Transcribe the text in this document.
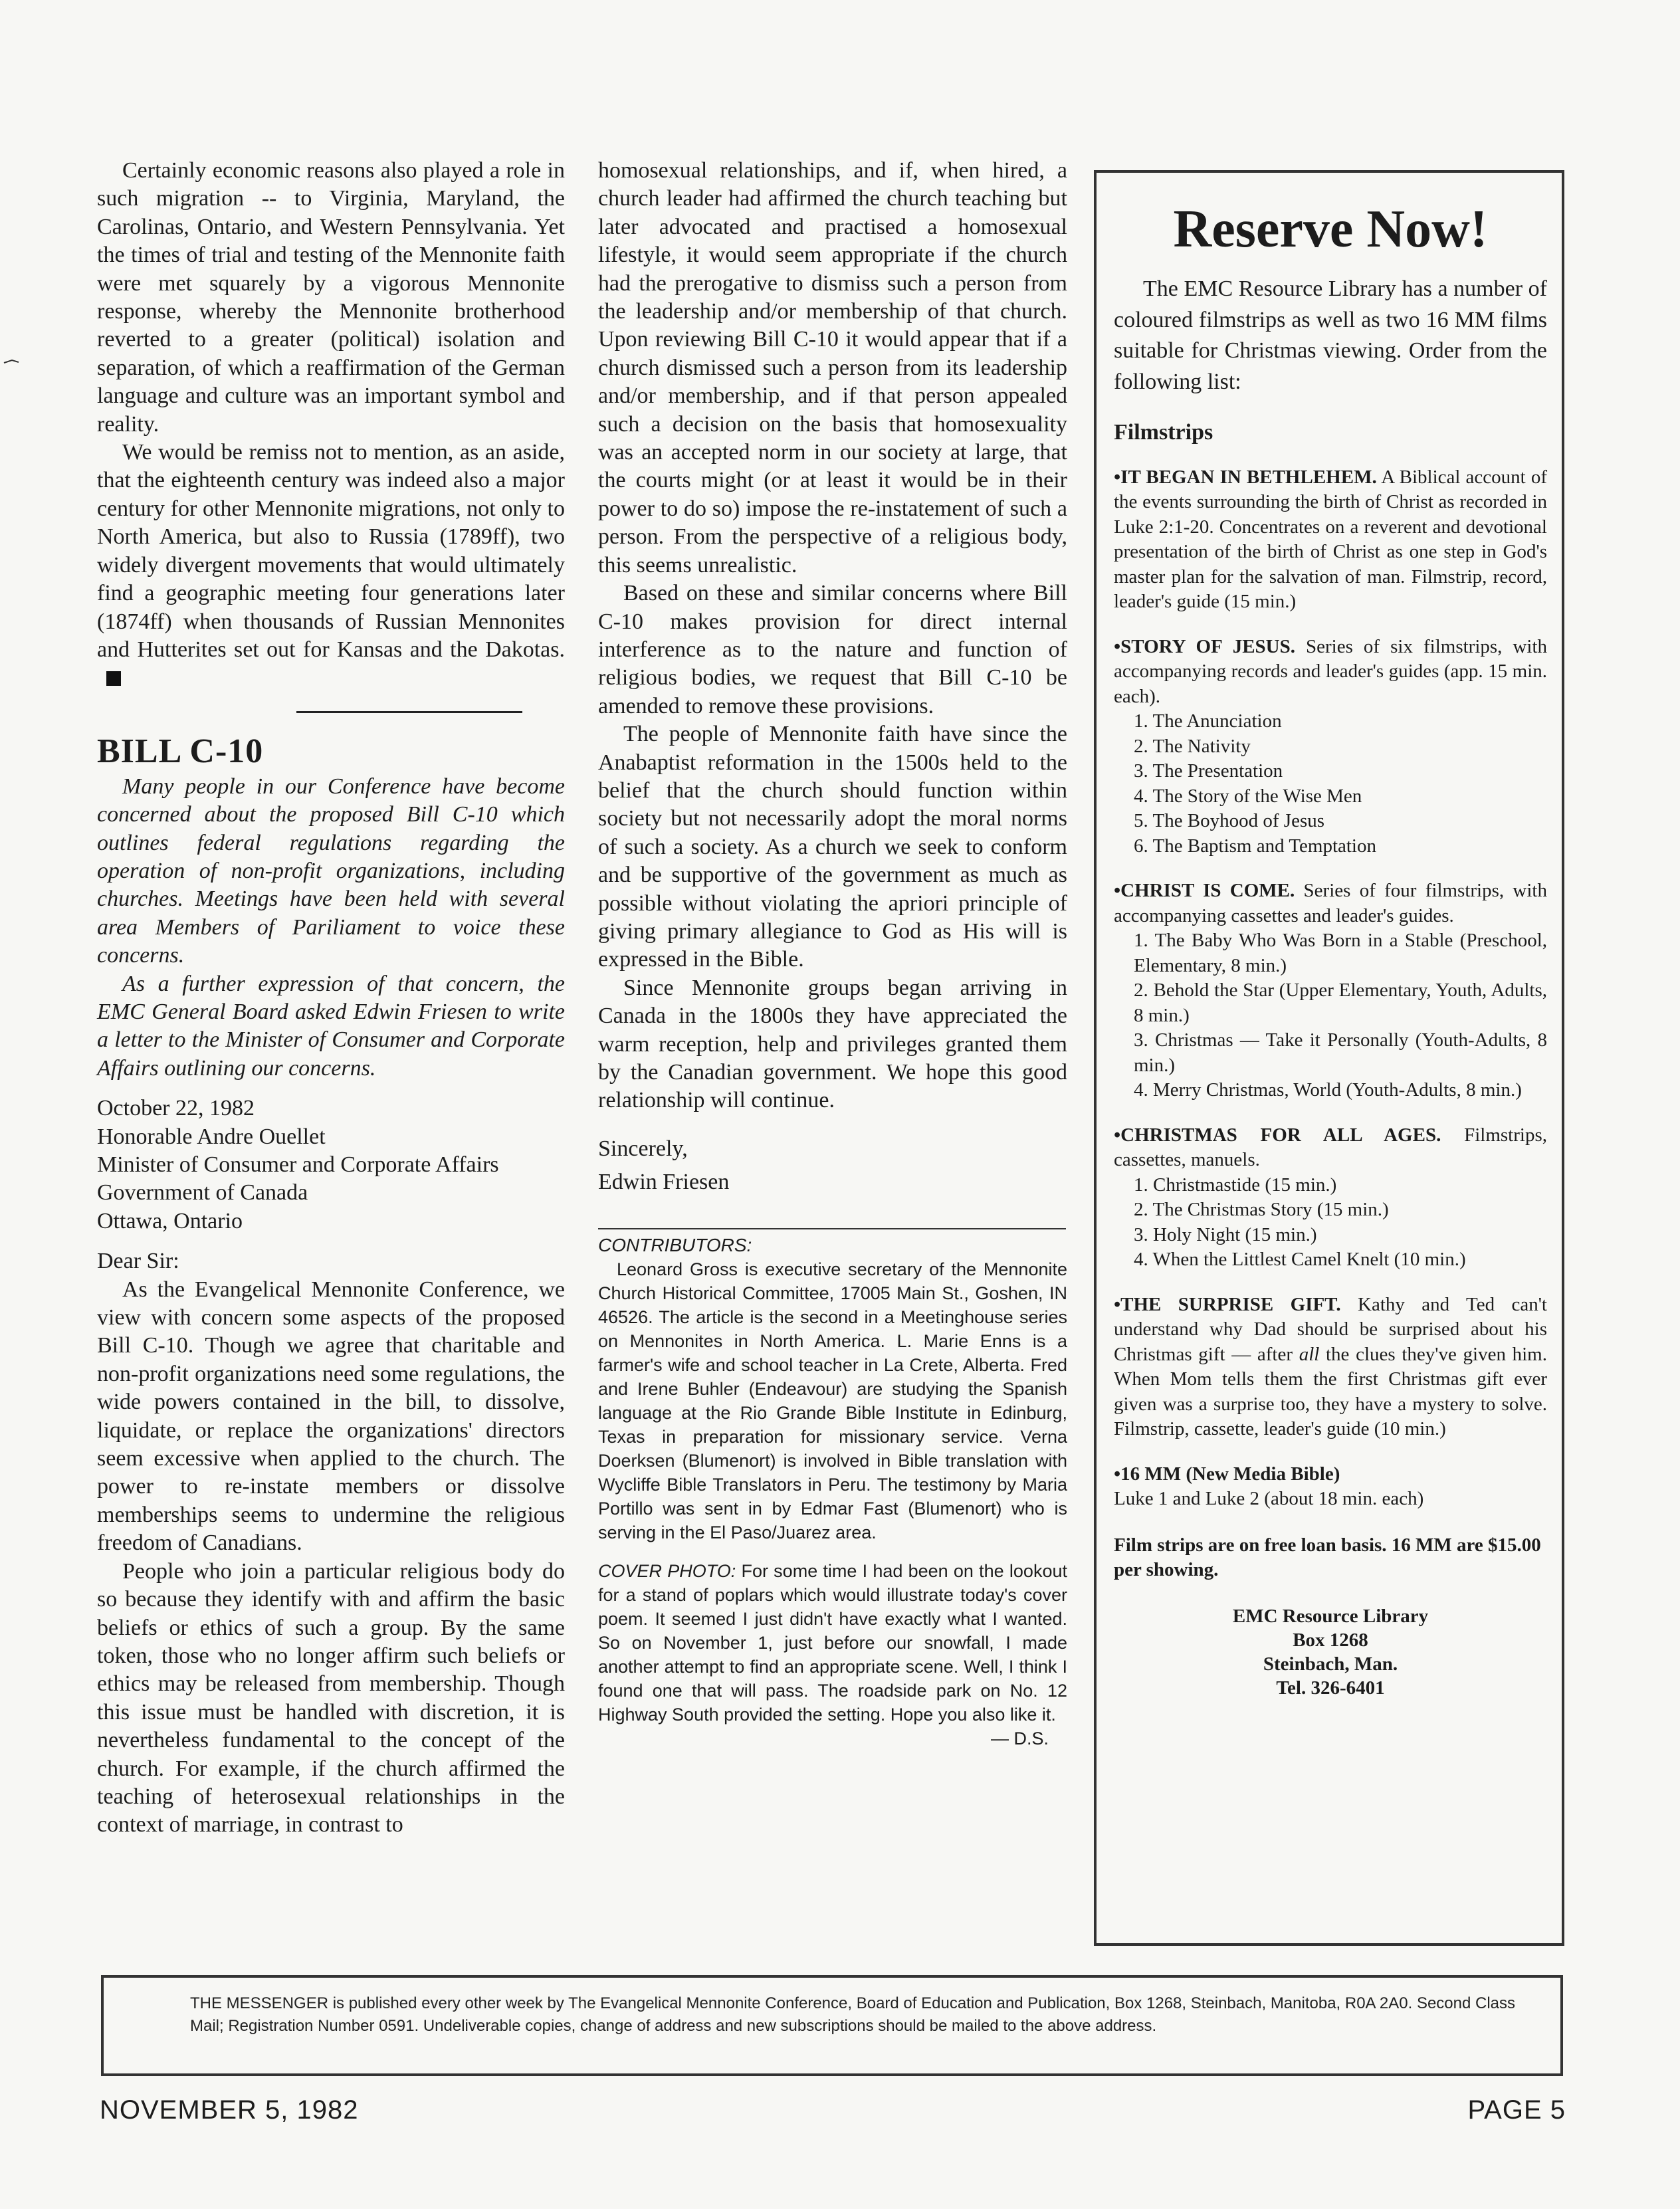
Certainly economic reasons also played a role in such migration -- to Virginia, Maryland, the Carolinas, Ontario, and Western Pennsylvania. Yet the times of trial and testing of the Mennonite faith were met squarely by a vigorous Mennonite response, whereby the Mennonite brotherhood reverted to a greater (political) isolation and separation, of which a reaffirmation of the German language and culture was an important symbol and reality.

We would be remiss not to mention, as an aside, that the eighteenth century was indeed also a major century for other Mennonite migrations, not only to North America, but also to Russia (1789ff), two widely divergent movements that would ultimately find a geographic meeting four generations later (1874ff) when thousands of Russian Mennonites and Hutterites set out for Kansas and the Dakotas.

BILL C-10

Many people in our Conference have become concerned about the proposed Bill C-10 which outlines federal regulations regarding the operation of non-profit organizations, including churches. Meetings have been held with several area Members of Pariliament to voice these concerns.

As a further expression of that concern, the EMC General Board asked Edwin Friesen to write a letter to the Minister of Consumer and Corporate Affairs outlining our concerns.

October 22, 1982
Honorable Andre Ouellet
Minister of Consumer and Corporate Affairs
Government of Canada
Ottawa, Ontario
Dear Sir:

As the Evangelical Mennonite Conference, we view with concern some aspects of the proposed Bill C-10. Though we agree that charitable and non-profit organizations need some regulations, the wide powers contained in the bill, to dissolve, liquidate, or replace the organizations' directors seem excessive when applied to the church. The power to re-instate members or dissolve memberships seems to undermine the religious freedom of Canadians.

People who join a particular religious body do so because they identify with and affirm the basic beliefs or ethics of such a group. By the same token, those who no longer affirm such beliefs or ethics may be released from membership. Though this issue must be handled with discretion, it is nevertheless fundamental to the concept of the church. For example, if the church affirmed the teaching of heterosexual relationships in the context of marriage, in contrast to

homosexual relationships, and if, when hired, a church leader had affirmed the church teaching but later advocated and practised a homosexual lifestyle, it would seem appropriate if the church had the prerogative to dismiss such a person from the leadership and/or membership of that church. Upon reviewing Bill C-10 it would appear that if a church dismissed such a person from its leadership and/or membership, and if that person appealed such a decision on the basis that homosexuality was an accepted norm in our society at large, that the courts might (or at least it would be in their power to do so) impose the re-instatement of such a person. From the perspective of a religious body, this seems unrealistic.

Based on these and similar concerns where Bill C-10 makes provision for direct internal interference as to the nature and function of religious bodies, we request that Bill C-10 be amended to remove these provisions.

The people of Mennonite faith have since the Anabaptist reformation in the 1500s held to the belief that the church should function within society but not necessarily adopt the moral norms of such a society. As a church we seek to conform and be supportive of the government as much as possible without violating the apriori principle of giving primary allegiance to God as His will is expressed in the Bible.

Since Mennonite groups began arriving in Canada in the 1800s they have appreciated the warm reception, help and privileges granted them by the Canadian government. We hope this good relationship will continue.

Sincerely,
Edwin Friesen
CONTRIBUTORS:

Leonard Gross is executive secretary of the Mennonite Church Historical Committee, 17005 Main St., Goshen, IN 46526. The article is the second in a Meetinghouse series on Mennonites in North America. L. Marie Enns is a farmer's wife and school teacher in La Crete, Alberta. Fred and Irene Buhler (Endeavour) are studying the Spanish language at the Rio Grande Bible Institute in Edinburg, Texas in preparation for missionary service. Verna Doerksen (Blumenort) is involved in Bible translation with Wycliffe Bible Translators in Peru. The testimony by Maria Portillo was sent in by Edmar Fast (Blumenort) who is serving in the El Paso/Juarez area.

COVER PHOTO: For some time I had been on the lookout for a stand of poplars which would illustrate today's cover poem. It seemed I just didn't have exactly what I wanted. So on November 1, just before our snowfall, I made another attempt to find an appropriate scene. Well, I think I found one that will pass. The roadside park on No. 12 Highway South provided the setting. Hope you also like it.

— D.S.
Reserve Now!

The EMC Resource Library has a number of coloured filmstrips as well as two 16 MM films suitable for Christmas viewing. Order from the following list:

Filmstrips
•IT BEGAN IN BETHLEHEM. A Biblical account of the events surrounding the birth of Christ as recorded in Luke 2:1-20. Concentrates on a reverent and devotional presentation of the birth of Christ as one step in God's master plan for the salvation of man. Filmstrip, record, leader's guide (15 min.)
•STORY OF JESUS. Series of six filmstrips, with accompanying records and leader's guides (app. 15 min. each).
1. The Anunciation
2. The Nativity
3. The Presentation
4. The Story of the Wise Men
5. The Boyhood of Jesus
6. The Baptism and Temptation
•CHRIST IS COME. Series of four filmstrips, with accompanying cassettes and leader's guides.
1. The Baby Who Was Born in a Stable (Preschool, Elementary, 8 min.)
2. Behold the Star (Upper Elementary, Youth, Adults, 8 min.)
3. Christmas — Take it Personally (Youth-Adults, 8 min.)
4. Merry Christmas, World (Youth-Adults, 8 min.)
•CHRISTMAS FOR ALL AGES. Filmstrips, cassettes, manuels.
1. Christmastide (15 min.)
2. The Christmas Story (15 min.)
3. Holy Night (15 min.)
4. When the Littlest Camel Knelt (10 min.)
•THE SURPRISE GIFT. Kathy and Ted can't understand why Dad should be surprised about his Christmas gift — after all the clues they've given him. When Mom tells them the first Christmas gift ever given was a surprise too, they have a mystery to solve. Filmstrip, cassette, leader's guide (10 min.)
•16 MM (New Media Bible)
Luke 1 and Luke 2 (about 18 min. each)
Film strips are on free loan basis. 16 MM are $15.00 per showing.
EMC Resource Library
Box 1268
Steinbach, Man.
Tel. 326-6401
THE MESSENGER is published every other week by The Evangelical Mennonite Conference, Board of Education and Publication, Box 1268, Steinbach, Manitoba, R0A 2A0. Second Class Mail; Registration Number 0591. Undeliverable copies, change of address and new subscriptions should be mailed to the above address.
NOVEMBER 5, 1982	PAGE 5
